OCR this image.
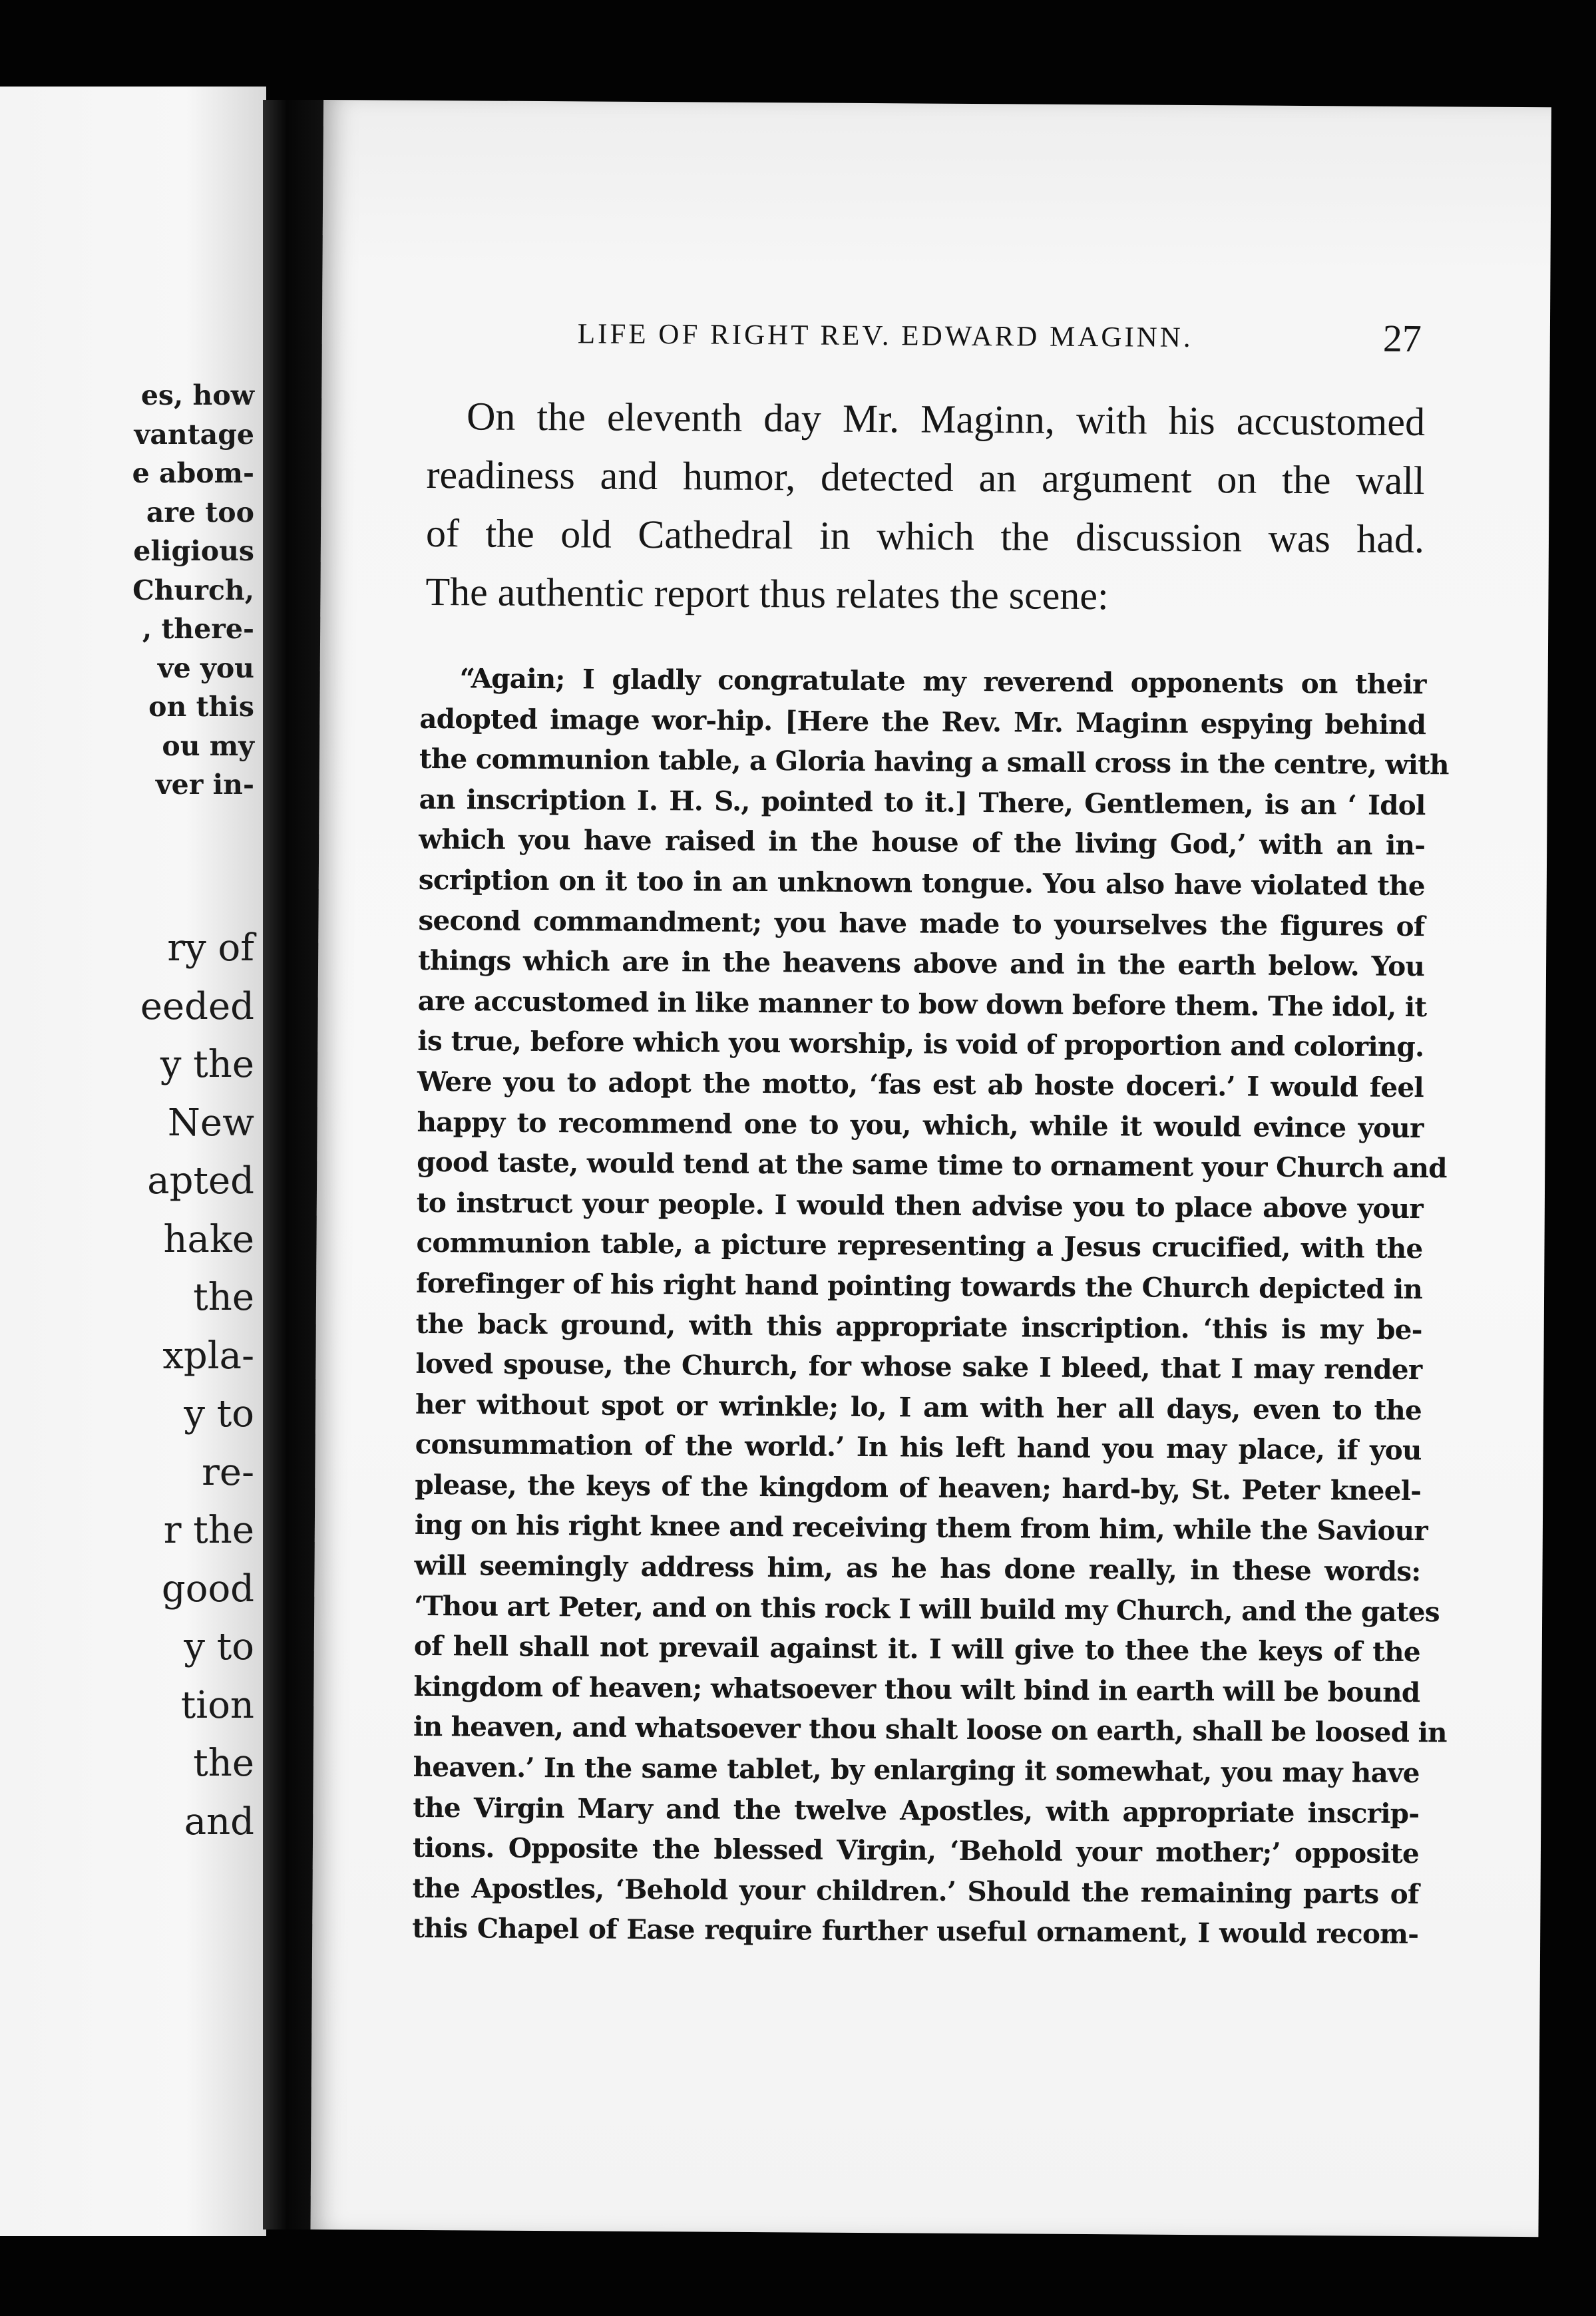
es, how

vantage

e abom-

are too

eligious

Church,

, there-

ve you

on this

ou my

ver in-

ry of

eeded

y the

New

apted

hake

the

xpla-

y to

re-

r the

good

y to

tion

the

and

LIFE OF RIGHT REV. EDWARD MAGINN.	27

On the eleventh day Mr. Maginn, with his accustomed
readiness and humor, detected an argument on the wall
of the old Cathedral in which the discussion was had.
The authentic report thus relates the scene:

“Again; I gladly congratulate my reverend opponents on their
adopted image wor-hip. [Here the Rev. Mr. Maginn espying behind
the communion table, a Gloria having a small cross in the centre, with
an inscription I. H. S., pointed to it.] There, Gentlemen, is an ‘ Idol
which you have raised in the house of the living God,’ with an in-
scription on it too in an unknown tongue. You also have violated the
second commandment; you have made to yourselves the figures of
things which are in the heavens above and in the earth below. You
are accustomed in like manner to bow down before them. The idol, it
is true, before which you worship, is void of proportion and coloring.
Were you to adopt the motto, ‘fas est ab hoste doceri.’ I would feel
happy to recommend one to you, which, while it would evince your
good taste, would tend at the same time to ornament your Church and
to instruct your people. I would then advise you to place above your
communion table, a picture representing a Jesus crucified, with the
forefinger of his right hand pointing towards the Church depicted in
the back ground, with this appropriate inscription. ‘this is my be-
loved spouse, the Church, for whose sake I bleed, that I may render
her without spot or wrinkle; lo, I am with her all days, even to the
consummation of the world.’ In his left hand you may place, if you
please, the keys of the kingdom of heaven; hard-by, St. Peter kneel-
ing on his right knee and receiving them from him, while the Saviour
will seemingly address him, as he has done really, in these words:
‘Thou art Peter, and on this rock I will build my Church, and the gates
of hell shall not prevail against it. I will give to thee the keys of the
kingdom of heaven; whatsoever thou wilt bind in earth will be bound
in heaven, and whatsoever thou shalt loose on earth, shall be loosed in
heaven.’ In the same tablet, by enlarging it somewhat, you may have
the Virgin Mary and the twelve Apostles, with appropriate inscrip-
tions. Opposite the blessed Virgin, ‘Behold your mother;’ opposite
the Apostles, ‘Behold your children.’ Should the remaining parts of
this Chapel of Ease require further useful ornament, I would recom-
